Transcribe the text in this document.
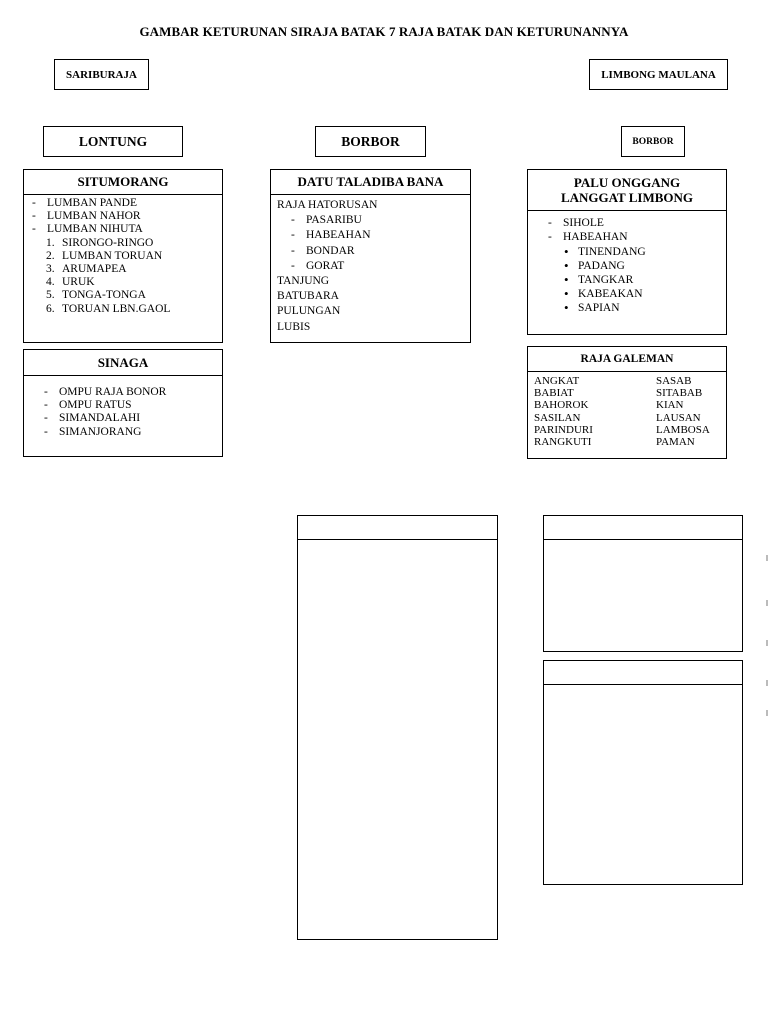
GAMBAR KETURUNAN SIRAJA BATAK 7 RAJA BATAK DAN KETURUNANNYA
SARIBURAJA	LIMBONG MAULANA
LONTUNG	BORBOR	BORBOR
SITUMORANG
- LUMBAN PANDE
- LUMBAN NAHOR
- LUMBAN NIHUTA
1. SIRONGO-RINGO
2. LUMBAN TORUAN
3. ARUMAPEA
4. URUK
5. TONGA-TONGA
6. TORUAN LBN.GAOL
SINAGA
- OMPU RAJA BONOR
- OMPU RATUS
- SIMANDALAHI
- SIMANJORANG
DATU TALADIBA BANA
RAJA HATORUSAN
- PASARIBU
- HABEAHAN
- BONDAR
- GORAT
TANJUNG
BATUBARA
PULUNGAN
LUBIS
PALU ONGGANG
LANGGAT LIMBONG
- SIHOLE
- HABEAHAN
• TINENDANG
• PADANG
• TANGKAR
• KABEAKAN
• SAPIAN
RAJA GALEMAN
ANGKAT	SASAB
BABIAT	SITABAB
BAHOROK	KIAN
SASILAN	LAUSAN
PARINDURI	LAMBOSA
RANGKUTI	PAMAN
